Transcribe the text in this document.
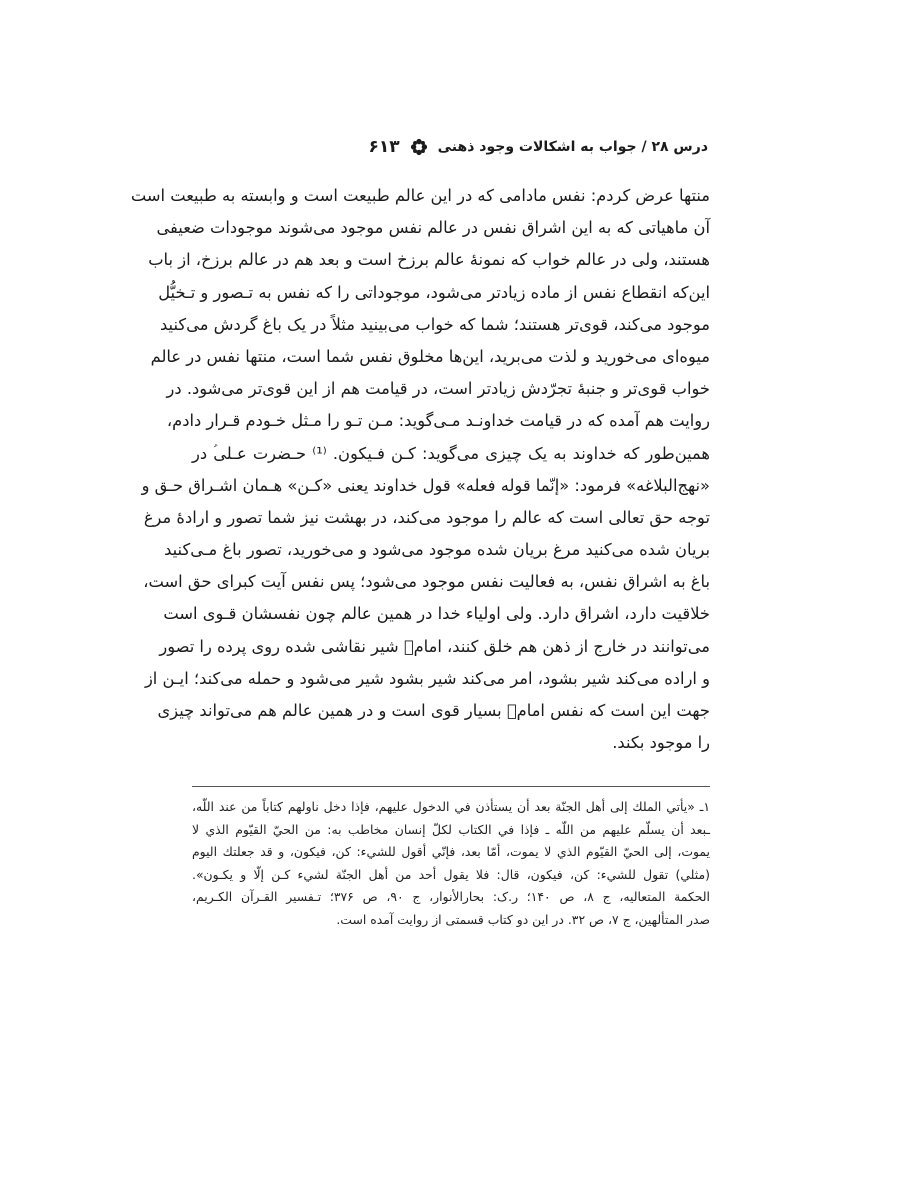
درس ۲۸ / جواب به اشکالات وجود ذهنی
۶۱۳
منتها عرض کردم: نفس مادامی که در این عالم طبیعت است و وابسته به طبیعت است
آن ماهیاتی که به این اشراق نفس در عالم نفس موجود می‌شوند موجودات ضعیفی
هستند، ولی در عالم خواب که نمونهٔ عالم برزخ است و بعد هم در عالم برزخ، از باب
این‌که انقطاع نفس از ماده زیادتر می‌شود، موجوداتی را که نفس به تـصور و تـخیُّل
موجود می‌کند، قوی‌تر هستند؛ شما که خواب می‌بینید مثلاً در یک باغ گردش می‌کنید
میوه‌ای می‌خورید و لذت می‌برید، این‌ها مخلوق نفس شما است، منتها نفس در عالم
خواب قوی‌تر و جنبهٔ تجرّدش زیادتر است، در قیامت هم از این قوی‌تر می‌شود. در
روایت هم آمده که در قیامت خداونـد مـی‌گوید: مـن تـو را مـثل خـودم قـرار دادم،
همین‌طور که خداوند به یک چیزی می‌گوید: کـن فـیکون. ⁽¹⁾ حـضرت عـلی‌ؑ در
«نهج‌البلاغه» فرمود: «إنّما قوله فعله» قول خداوند یعنی «کـن» هـمان اشـراق حـق و
توجه حق تعالی است که عالم را موجود می‌کند، در بهشت نیز شما تصور و ارادهٔ مرغ
بریان شده می‌کنید مرغ بریان شده موجود می‌شود و می‌خورید، تصور باغ مـی‌کنید
باغ به اشراق نفس، به فعالیت نفس موجود می‌شود؛ پس نفس آیت کبرای حق است،
خلاقیت دارد، اشراق دارد. ولی اولیاء خدا در همین عالم چون نفسشان قـوی است
می‌توانند در خارج از ذهن هم خلق کنند، امامؑ شیر نقاشی شده روی پرده را تصور
و اراده می‌کند شیر بشود، امر می‌کند شیر بشود شیر می‌شود و حمله می‌کند؛ ایـن از
جهت این است که نفس امامؑ بسیار قوی است و در همین عالم هم می‌تواند چیزی
را موجود بکند.
۱ـ «يأتي الملك إلى أهل الجنّة بعد أن يستأذن في الدخول عليهم، فإذا دخل ناولهم كتاباً من عند اللّه،
ـبعد أن يسلّم عليهم من اللّه ـ فإذا في الكتاب لكلّ إنسان مخاطب به: من الحيّ القيّوم الذي لا
يموت، إلى الحيّ القيّوم الذي لا يموت، أمّا بعد، فإنّي أقول للشيء: كن، فيكون، و قد جعلتك اليوم
(مثلي) تقول للشيء: كن، فيكون، قال: فلا يقول أحد من أهل الجنّة لشيء كـن إلّا و يكـون».
الحكمة المتعاليه، ج ۸، ص ۱۴۰؛ ر.ک: بحارالأنوار، ج ۹۰، ص ۳۷۶؛ تـفسير القـرآن الكـريم،
صدر المتألهين، ج ۷، ص ۳۲. در این دو کتاب قسمتی از روایت آمده است.
